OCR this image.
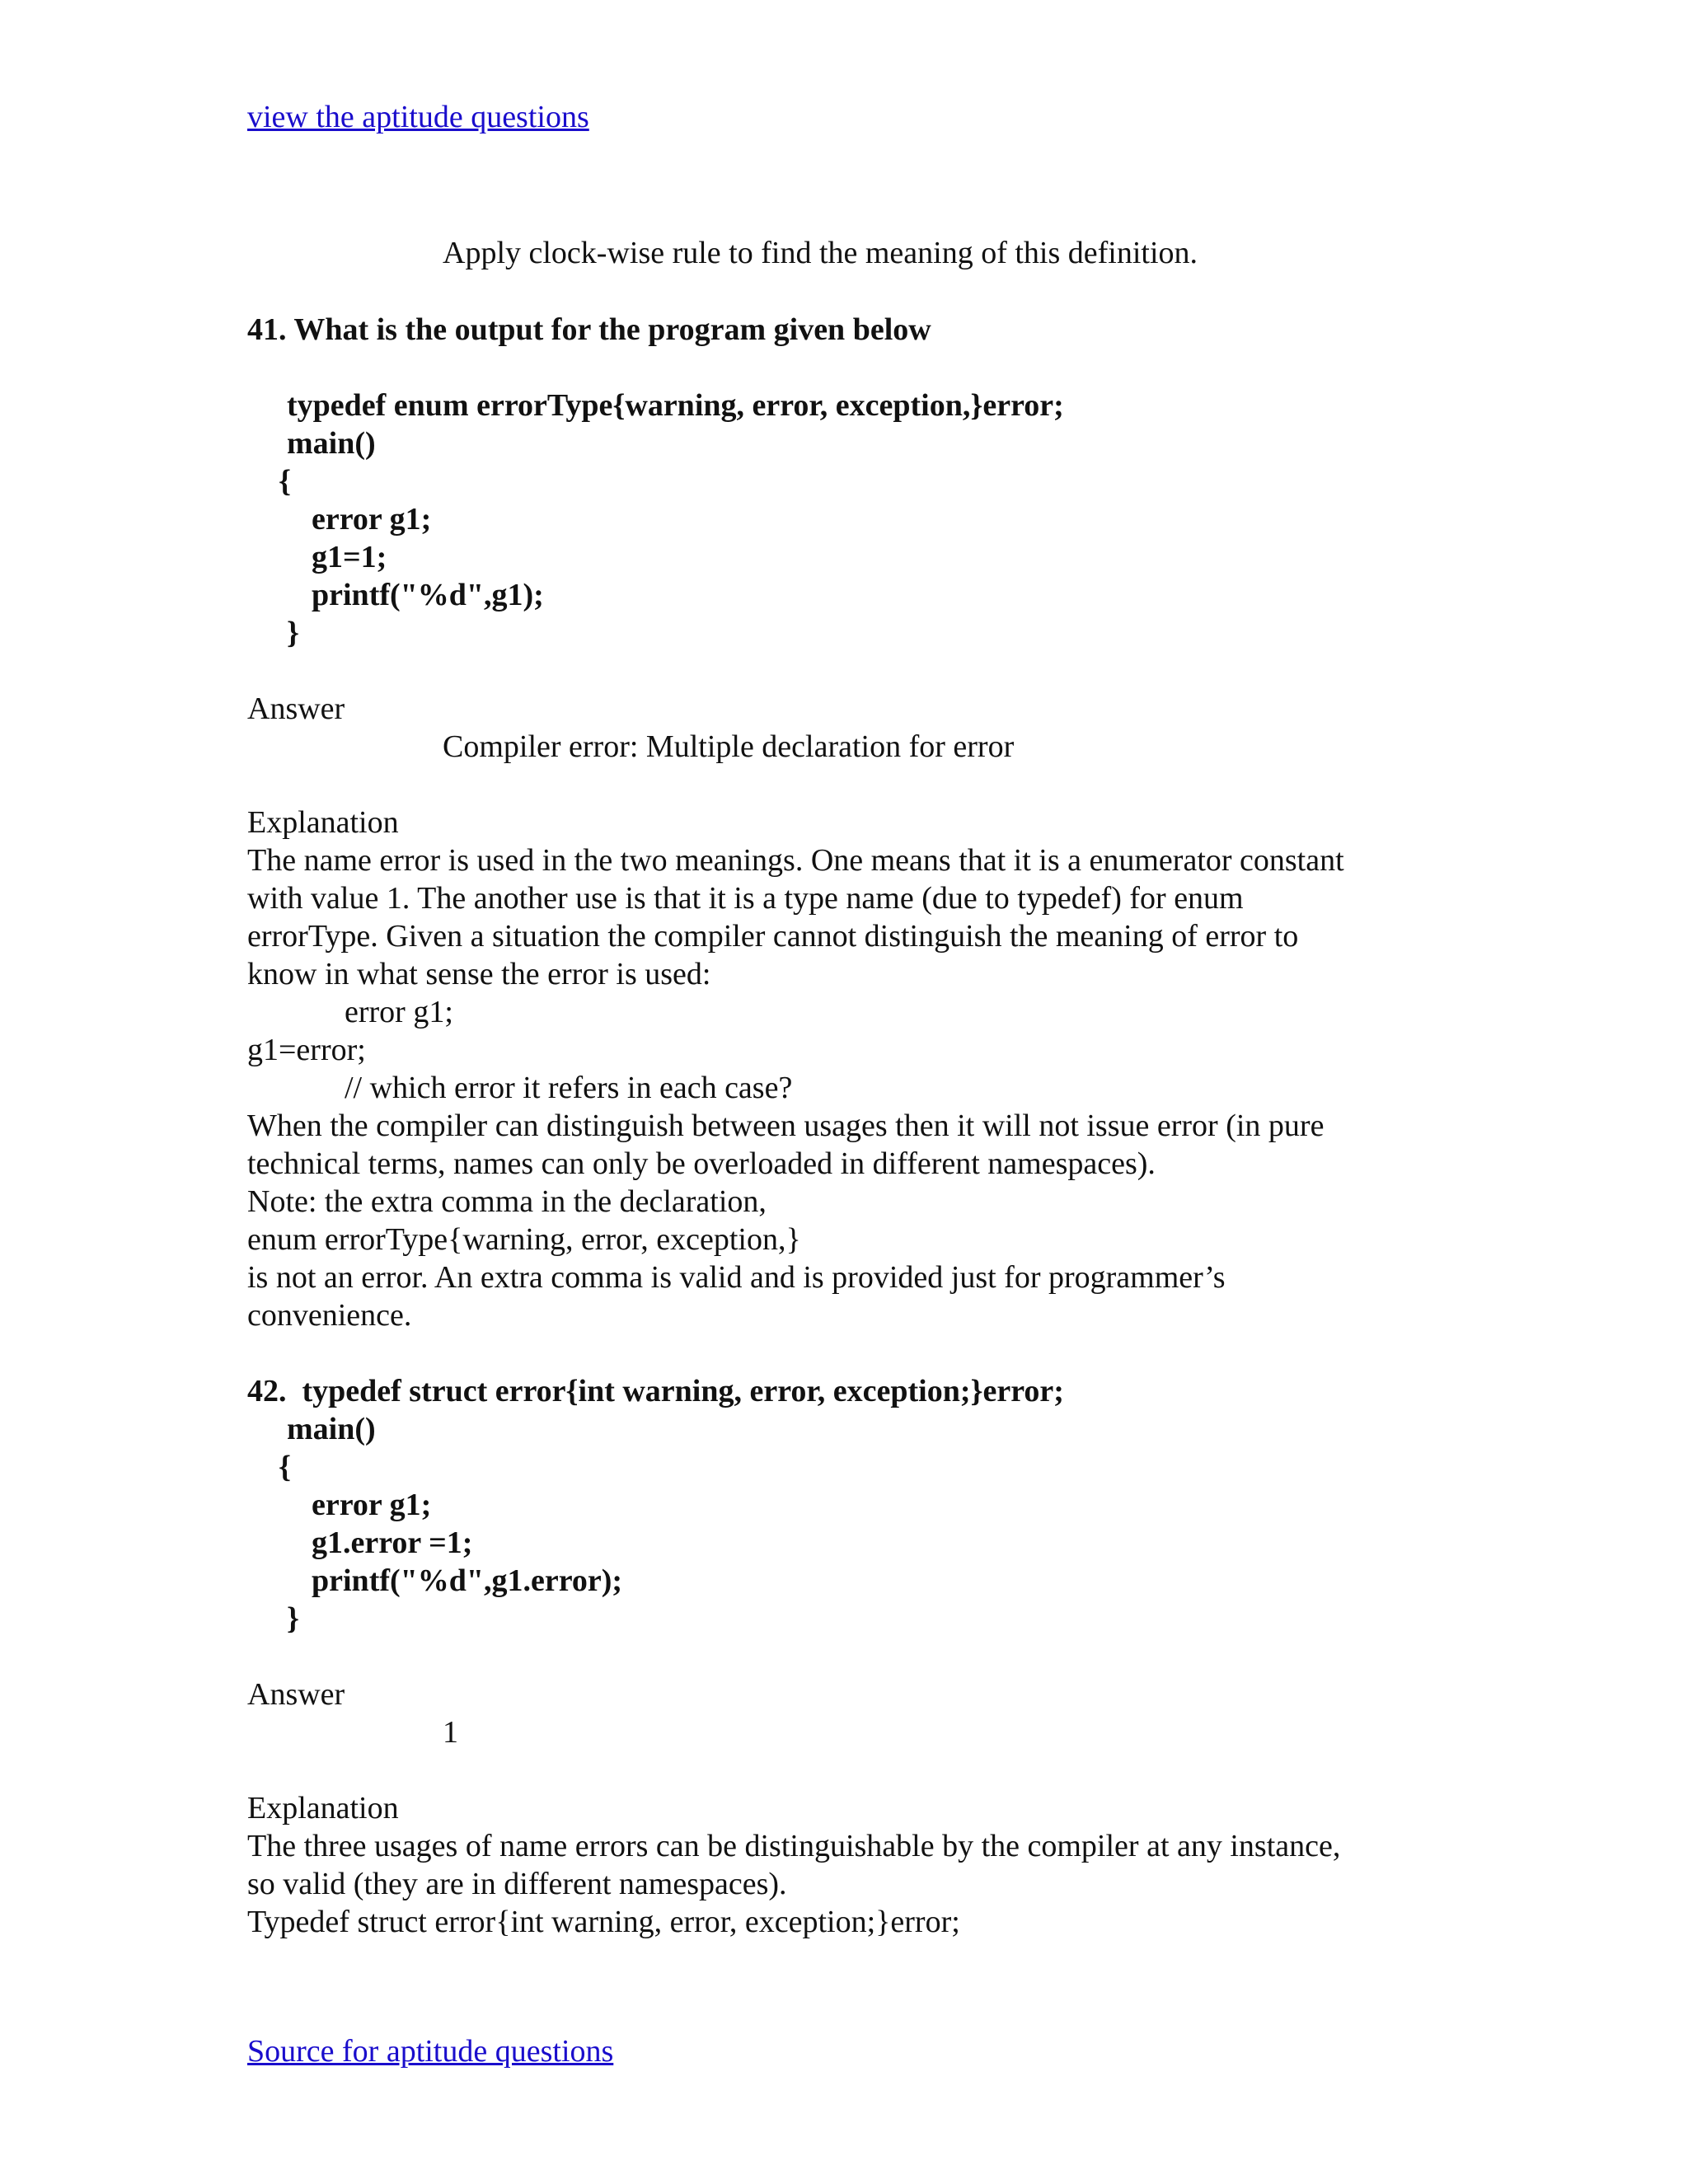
view the aptitude questions

Apply clock-wise rule to find the meaning of this definition.

41. What is the output for the program given below

typedef enum errorType{warning, error, exception,}error;

main()

{

error g1;

g1=1;

printf("%d",g1);

}

Answer

Compiler error: Multiple declaration for error

Explanation

The name error is used in the two meanings. One means that it is a enumerator constant

with value 1. The another use is that it is a type name (due to typedef) for enum

errorType. Given a situation the compiler cannot distinguish the meaning of error to

know in what sense the error is used:

error g1;

g1=error;

// which error it refers in each case?

When the compiler can distinguish between usages then it will not issue error (in pure

technical terms, names can only be overloaded in different namespaces).

Note: the extra comma in the declaration,

enum errorType{warning, error, exception,}

is not an error. An extra comma is valid and is provided just for programmer’s

convenience.

42.  typedef struct error{int warning, error, exception;}error;

main()

{

error g1;

g1.error =1;

printf("%d",g1.error);

}

Answer

1

Explanation

The three usages of name errors can be distinguishable by the compiler at any instance,

so valid (they are in different namespaces).

Typedef struct error{int warning, error, exception;}error;

Source for aptitude questions
